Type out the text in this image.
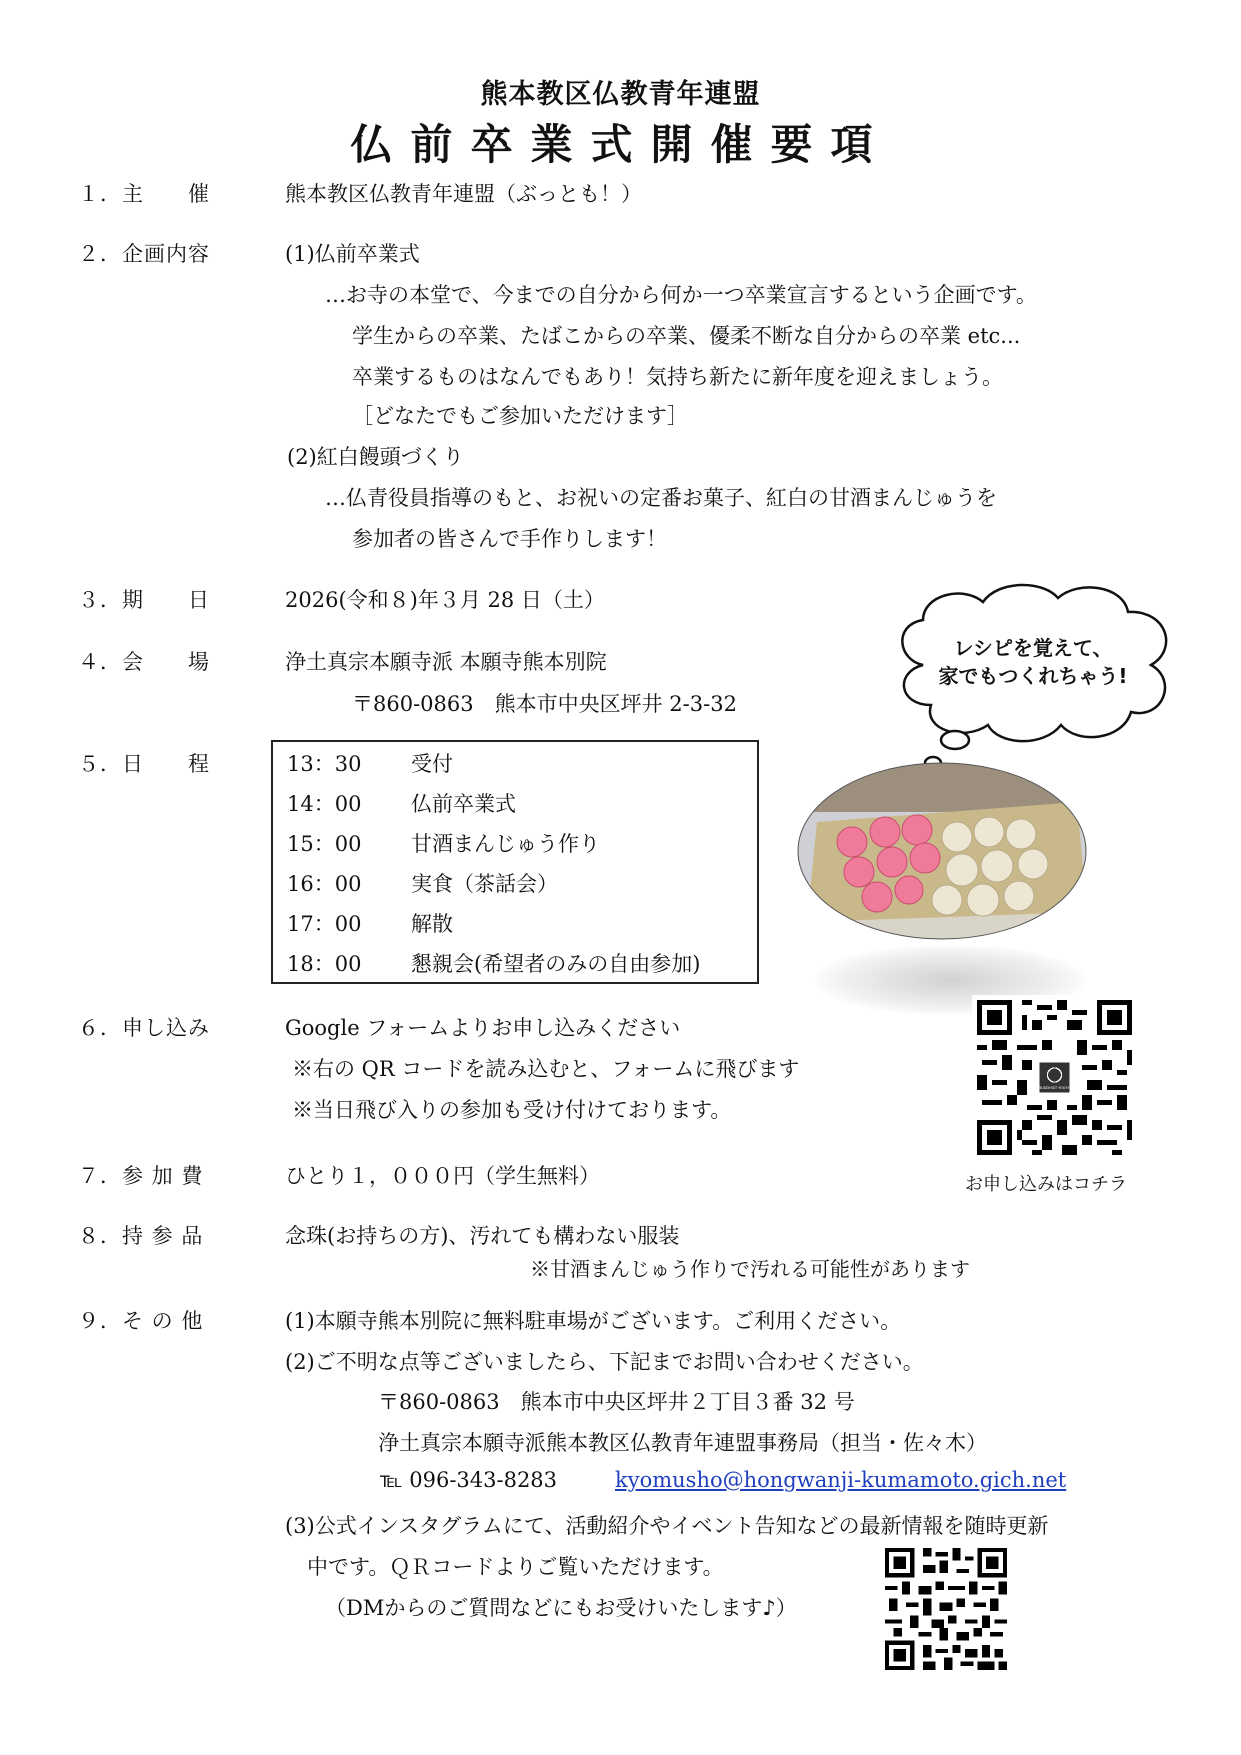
熊本教区仏教青年連盟
仏前卒業式開催要項
１．主　　催	熊本教区仏教青年連盟（ぶっとも！）
２．企画内容	(1)仏前卒業式
…お寺の本堂で、今までの自分から何か一つ卒業宣言するという企画です。
学生からの卒業、たばこからの卒業、優柔不断な自分からの卒業 etc...
卒業するものはなんでもあり！気持ち新たに新年度を迎えましょう。
［どなたでもご参加いただけます］
(2)紅白饅頭づくり
…仏青役員指導のもと、お祝いの定番お菓子、紅白の甘酒まんじゅうを
参加者の皆さんで手作りします！
３．期　　日	2026(令和８)年３月 28 日（土）
４．会　　場	浄土真宗本願寺派 本願寺熊本別院
〒860-0863　熊本市中央区坪井 2-3-32
５．日　　程	13：30 受付
14：00 仏前卒業式
15：00 甘酒まんじゅう作り
16：00 実食（茶話会）
17：00 解散
18：00 懇親会(希望者のみの自由参加)
レシピを覚えて、
家でもつくれちゃう!
６．申し込み	Google フォームよりお申し込みください
※右の QR コードを読み込むと、フォームに飛びます
※当日飛び入りの参加も受け付けております。
お申し込みはコチラ
７．参 加 費	ひとり１，０００円（学生無料）
８．持 参 品	念珠(お持ちの方)、汚れても構わない服装
※甘酒まんじゅう作りで汚れる可能性があります
９．そ の 他	(1)本願寺熊本別院に無料駐車場がございます。ご利用ください。
(2)ご不明な点等ございましたら、下記までお問い合わせください。
〒860-0863　熊本市中央区坪井２丁目３番 32 号
浄土真宗本願寺派熊本教区仏教青年連盟事務局（担当・佐々木）
℡ 096-343-8283	kyomusho@hongwanji-kumamoto.gich.net
(3)公式インスタグラムにて、活動紹介やイベント告知などの最新情報を随時更新
中です。ＱＲコードよりご覧いただけます。
（DMからのご質問などにもお受けいたします♪）
